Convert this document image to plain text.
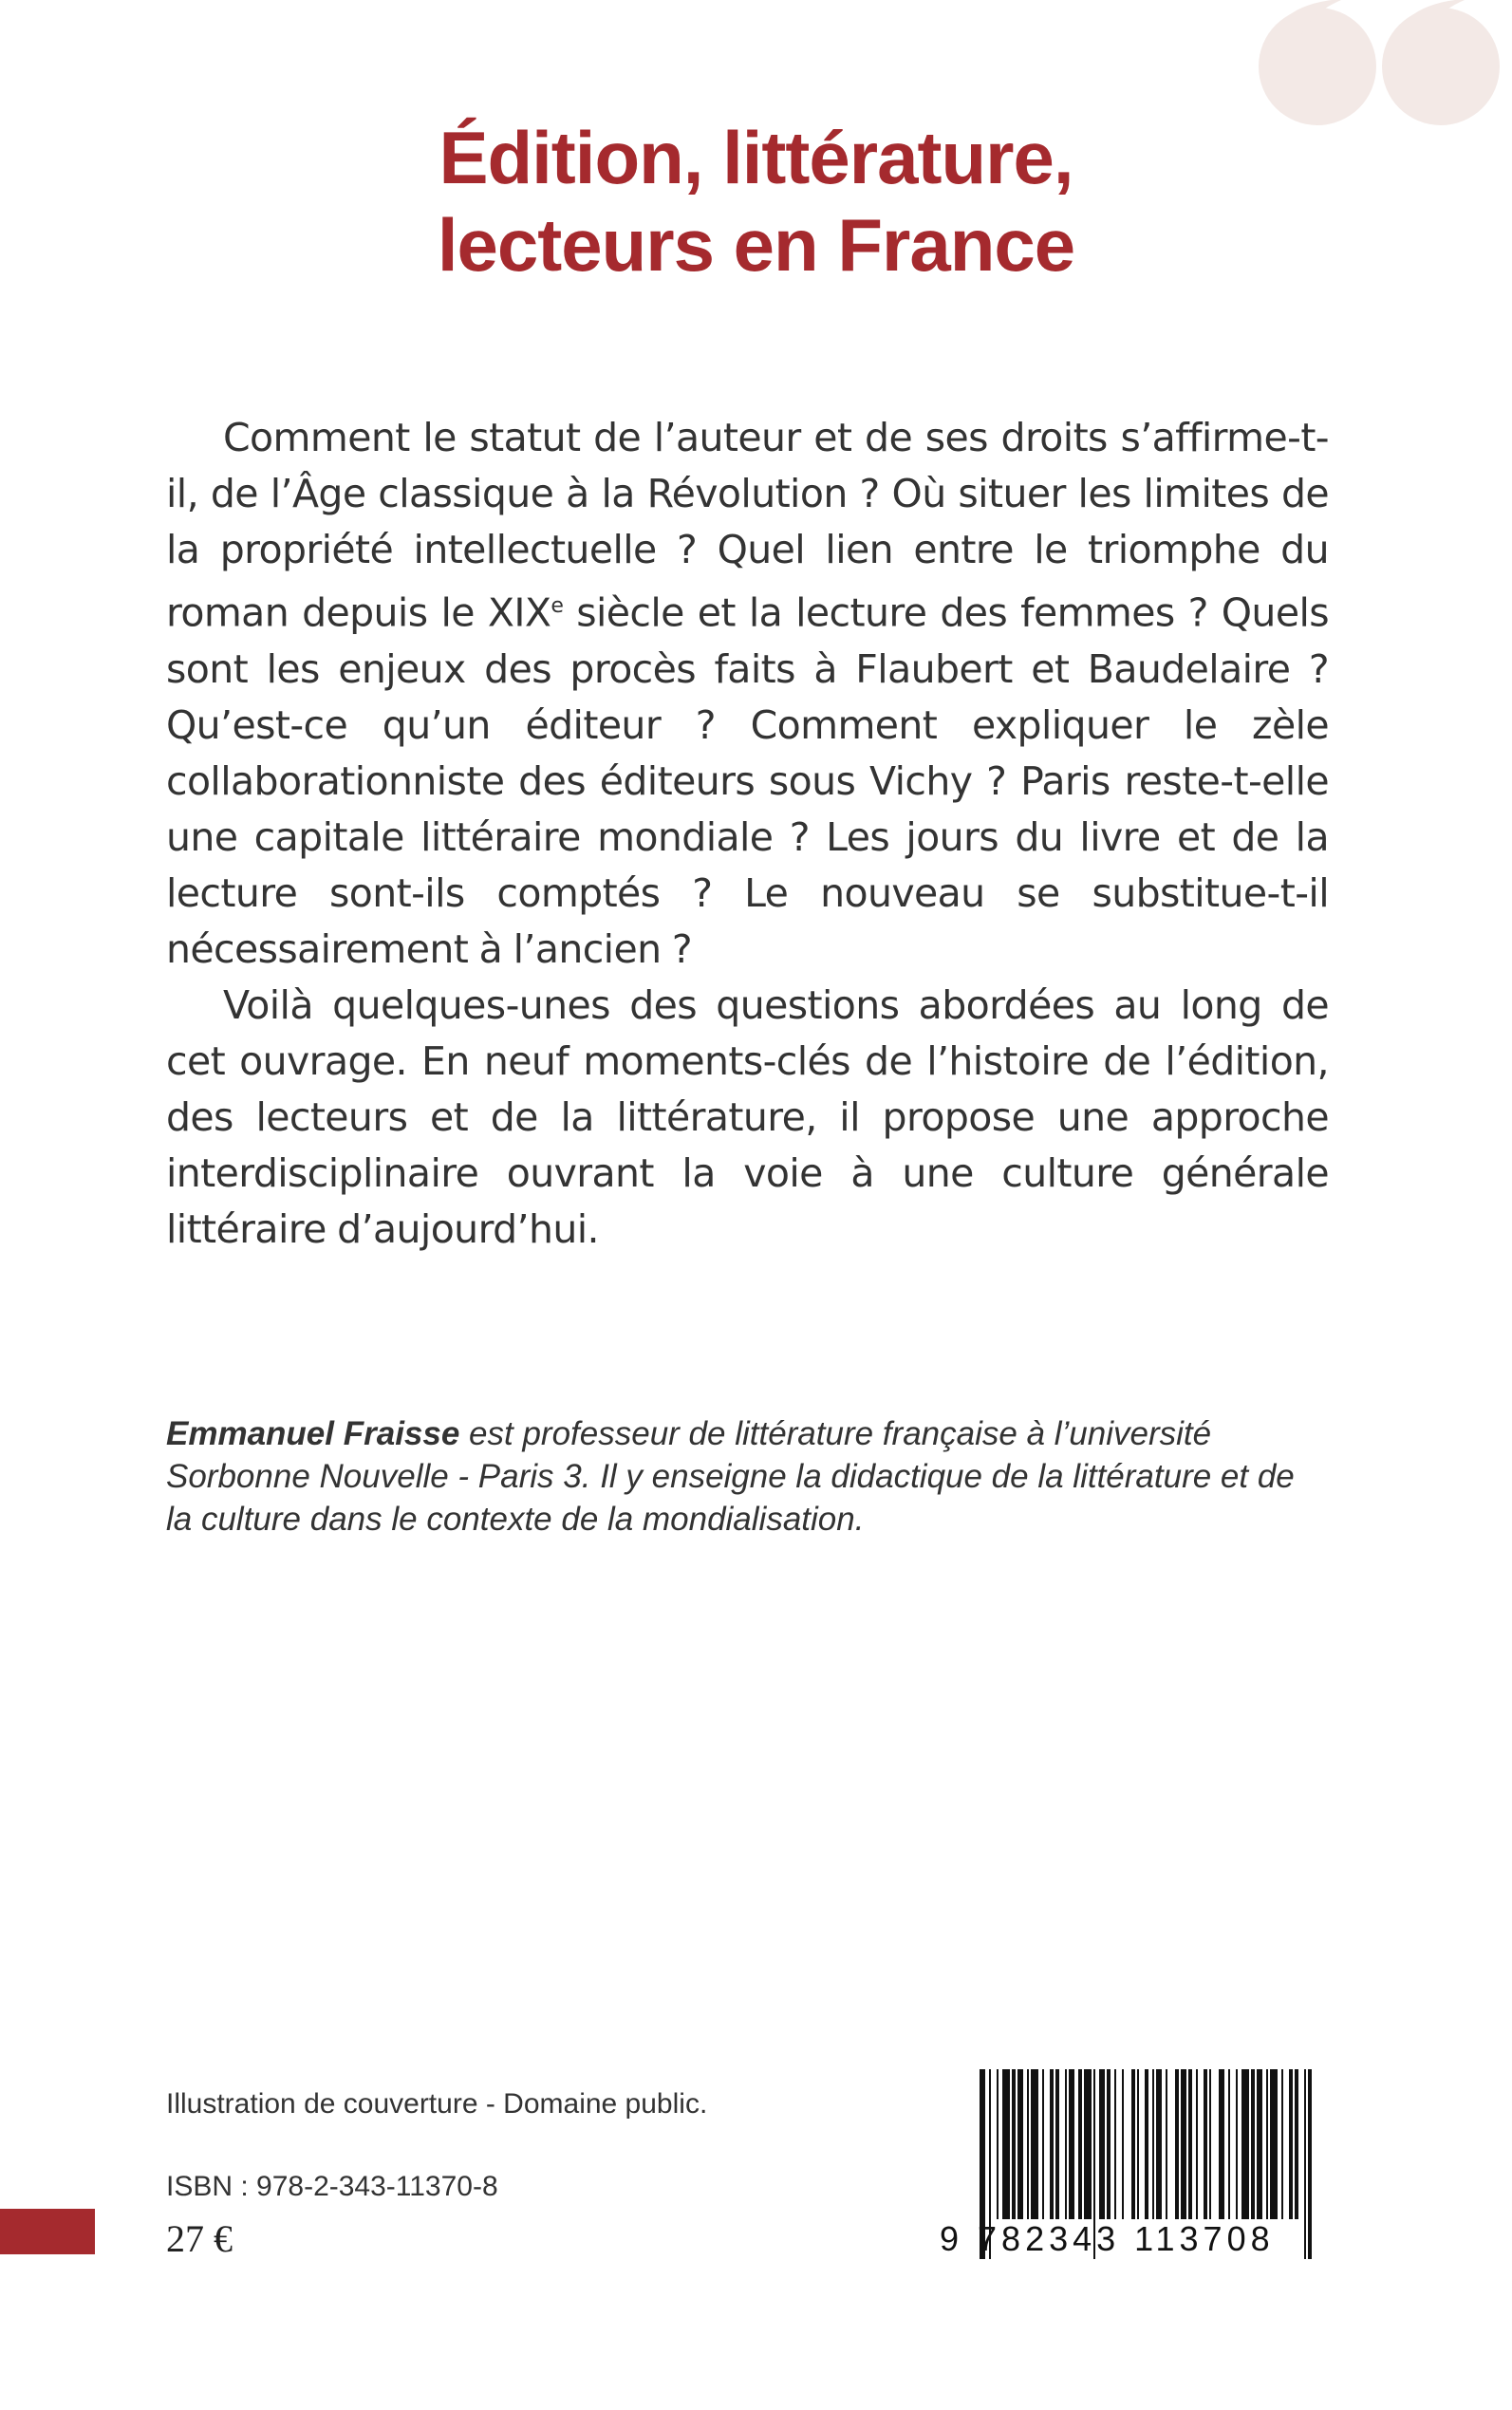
Édition, littérature,
lecteurs en France

Comment le statut de l’auteur et de ses droits s’affirme-t-il, de l’Âge classique à la Révolution ? Où situer les limites de la propriété intellectuelle ? Quel lien entre le triomphe du roman depuis le XIXe siècle et la lecture des femmes ? Quels sont les enjeux des procès faits à Flaubert et Baudelaire ? Qu’est-ce qu’un éditeur ? Comment expliquer le zèle collaborationniste des éditeurs sous Vichy ? Paris reste-t-elle une capitale littéraire mondiale ? Les jours du livre et de la lecture sont-ils comptés ? Le nouveau se substitue-t-il nécessairement à l’ancien ?

Voilà quelques-unes des questions abordées au long de cet ouvrage. En neuf moments-clés de l’histoire de l’édition, des lecteurs et de la littérature, il propose une approche interdisciplinaire ouvrant la voie à une culture générale littéraire d’aujourd’hui.

Emmanuel Fraisse est professeur de littérature française à l’université Sorbonne Nouvelle - Paris 3. Il y enseigne la didactique de la littérature et de la culture dans le contexte de la mondialisation.
Illustration de couverture - Domaine public.
ISBN : 978-2-343-11370-8
27 €	9 782343 113708
